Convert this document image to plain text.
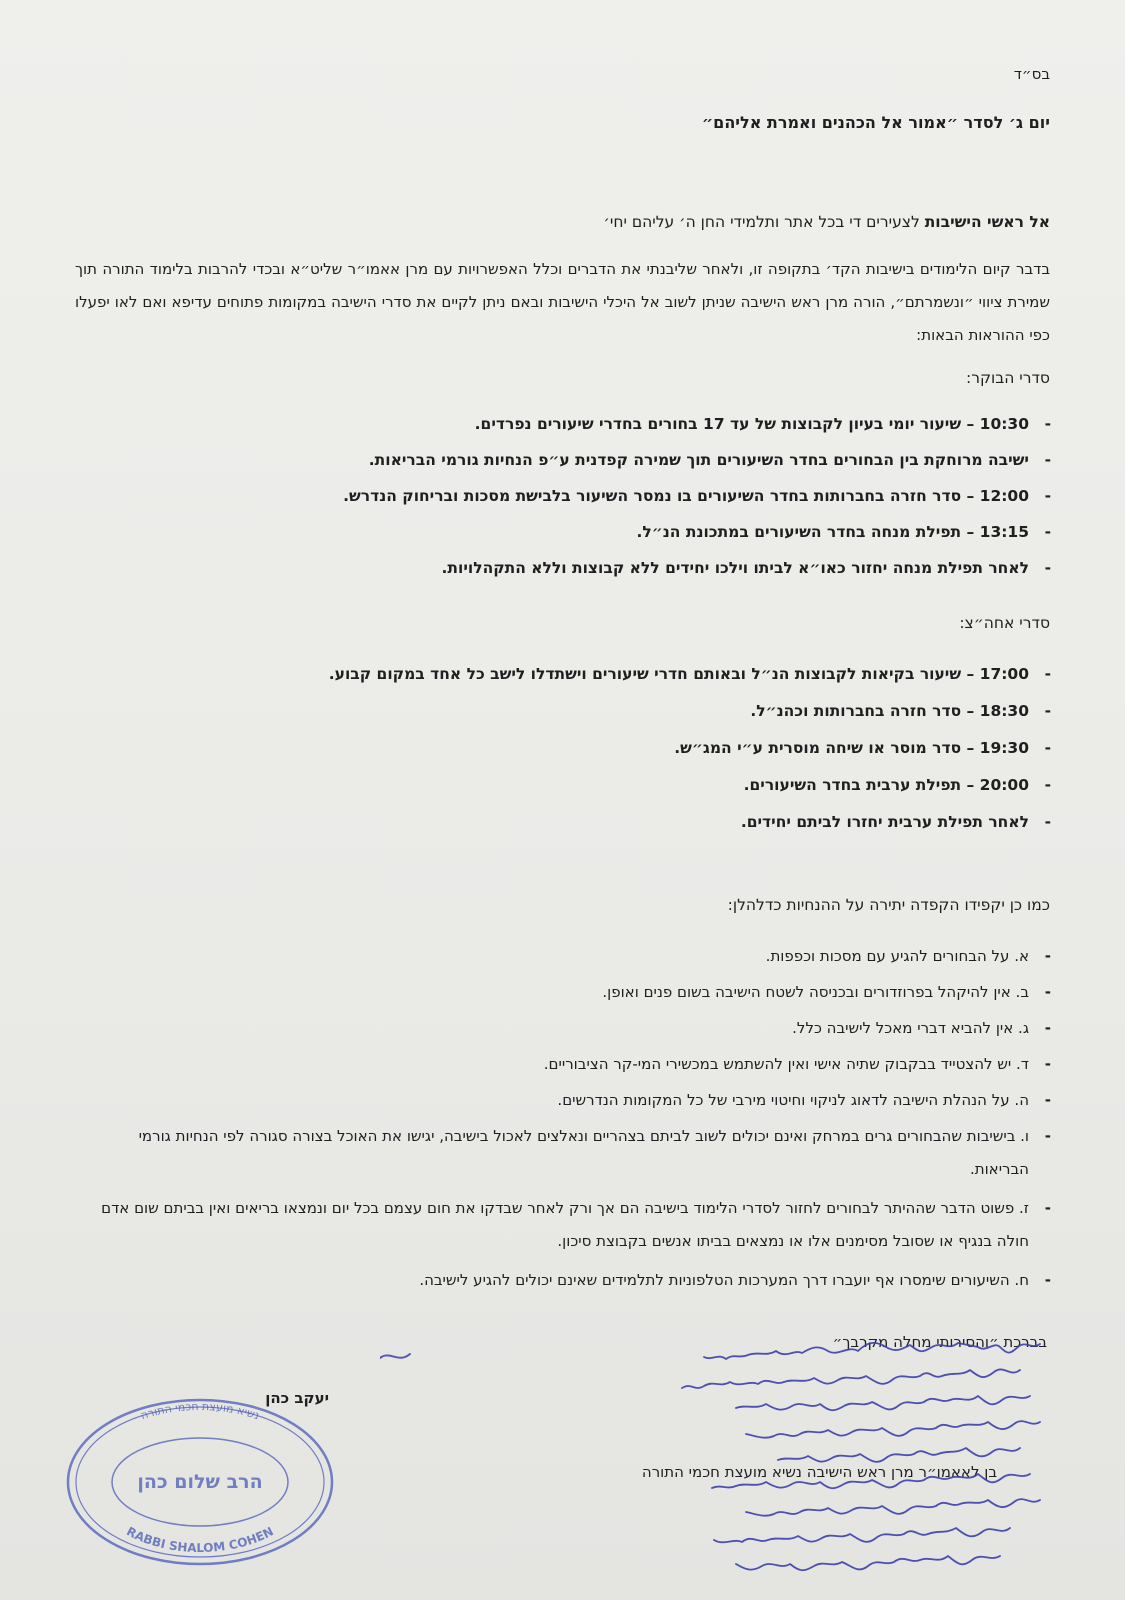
בס״ד
יום ג׳ לסדר ״אמור אל הכהנים ואמרת אליהם״
אל ראשי הישיבות לצעירים די בכל אתר ותלמידי החן ה׳ עליהם יחי׳
בדבר קיום הלימודים בישיבות הקד׳ בתקופה זו, ולאחר שליבנתי את הדברים וכלל האפשרויות עם מרן אאמו״ר שליט״א ובכדי להרבות בלימוד התורה תוך שמירת ציווי ״ונשמרתם״, הורה מרן ראש הישיבה שניתן לשוב אל היכלי הישיבות ובאם ניתן לקיים את סדרי הישיבה במקומות פתוחים עדיפא ואם לאו יפעלו כפי ההוראות הבאות:
סדרי הבוקר:
-
10:30 – שיעור יומי בעיון לקבוצות של עד 17 בחורים בחדרי שיעורים נפרדים.
-
ישיבה מרוחקת בין הבחורים בחדר השיעורים תוך שמירה קפדנית ע״פ הנחיות גורמי הבריאות.
-
12:00 – סדר חזרה בחברותות בחדר השיעורים בו נמסר השיעור בלבישת מסכות ובריחוק הנדרש.
-
13:15 – תפילת מנחה בחדר השיעורים במתכונת הנ״ל.
-
לאחר תפילת מנחה יחזור כאו״א לביתו וילכו יחידים ללא קבוצות וללא התקהלויות.
סדרי אחה״צ:
-
17:00 – שיעור בקיאות לקבוצות הנ״ל ובאותם חדרי שיעורים וישתדלו לישב כל אחד במקום קבוע.
-
18:30 – סדר חזרה בחברותות וכהנ״ל.
-
19:30 – סדר מוסר או שיחה מוסרית ע״י המג״ש.
-
20:00 – תפילת ערבית בחדר השיעורים.
-
לאחר תפילת ערבית יחזרו לביתם יחידים.
כמו כן יקפידו הקפדה יתירה על ההנחיות כדלהלן:
-
א. על הבחורים להגיע עם מסכות וכפפות.
-
ב. אין להיקהל בפרוזדורים ובכניסה לשטח הישיבה בשום פנים ואופן.
-
ג. אין להביא דברי מאכל לישיבה כלל.
-
ד. יש להצטייד בבקבוק שתיה אישי ואין להשתמש במכשירי המי-קר הציבוריים.
-
ה. על הנהלת הישיבה לדאוג לניקוי וחיטוי מירבי של כל המקומות הנדרשים.
-
ו. בישיבות שהבחורים גרים במרחק ואינם יכולים לשוב לביתם בצהריים ונאלצים לאכול בישיבה, יגישו את האוכל בצורה סגורה לפי הנחיות גורמי הבריאות.
-
ז. פשוט הדבר שההיתר לבחורים לחזור לסדרי הלימוד בישיבה הם אך ורק לאחר שבדקו את חום עצמם בכל יום ונמצאו בריאים ואין בביתם שום אדם חולה בנגיף או שסובל מסימנים אלו או נמצאים בביתו אנשים בקבוצת סיכון.
-
ח. השיעורים שימסרו אף יועברו דרך המערכות הטלפוניות לתלמידים שאינם יכולים להגיע לישיבה.
בברכת ״והסירותי מחלה מקרבך״
יעקב כהן
בן לאאמו״ר מרן ראש הישיבה נשיא מועצת חכמי התורה
נשיא מועצת חכמי התורה
RABBI SHALOM COHEN
הרב שלום כהן
